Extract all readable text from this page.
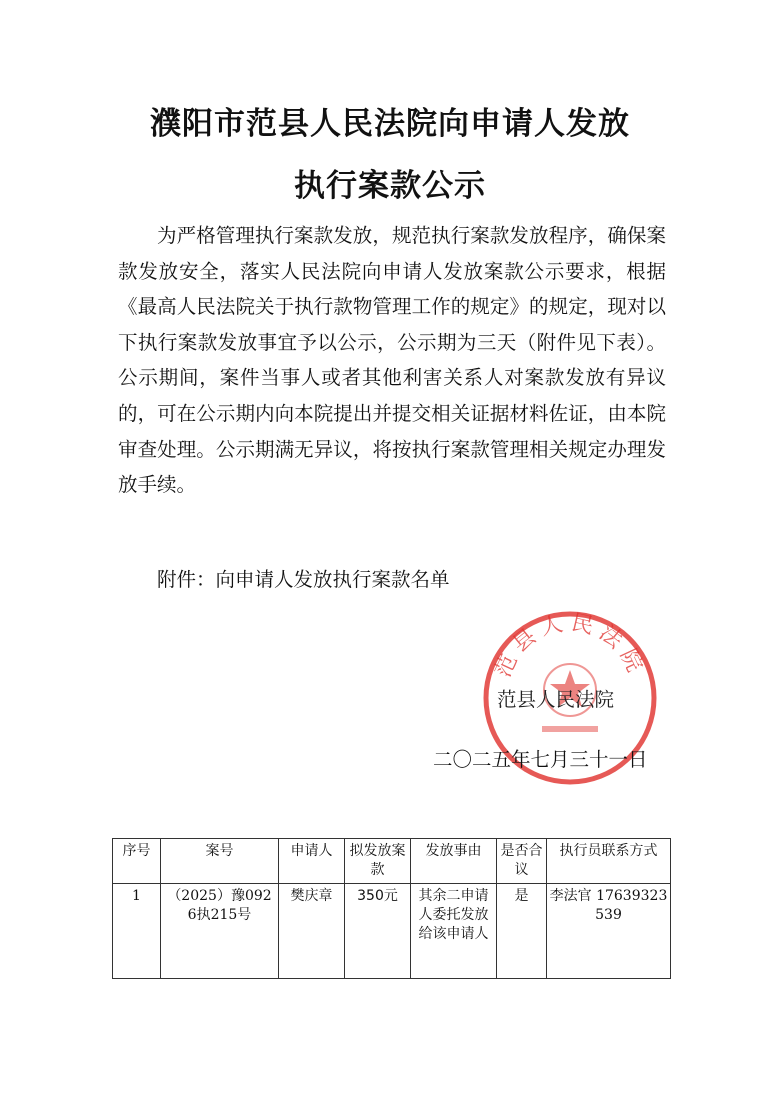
濮阳市范县人民法院向申请人发放
执行案款公示

为严格管理执行案款发放，规范执行案款发放程序，确保案款发放安全，落实人民法院向申请人发放案款公示要求，根据《最高人民法院关于执行款物管理工作的规定》的规定，现对以下执行案款发放事宜予以公示，公示期为三天（附件见下表）。公示期间，案件当事人或者其他利害关系人对案款发放有异议的，可在公示期内向本院提出并提交相关证据材料佐证，由本院审查处理。公示期满无异议，将按执行案款管理相关规定办理发放手续。

附件：向申请人发放执行案款名单

范县人民法院

范县人民法院

二〇二五年七月三十一日

序号	案号	申请人	拟发放案款	发放事由	是否合议	执行员联系方式
1	（2025）豫0926执215号	樊庆章	350元	其余二申请人委托发放给该申请人	是	李法官 17639323539
